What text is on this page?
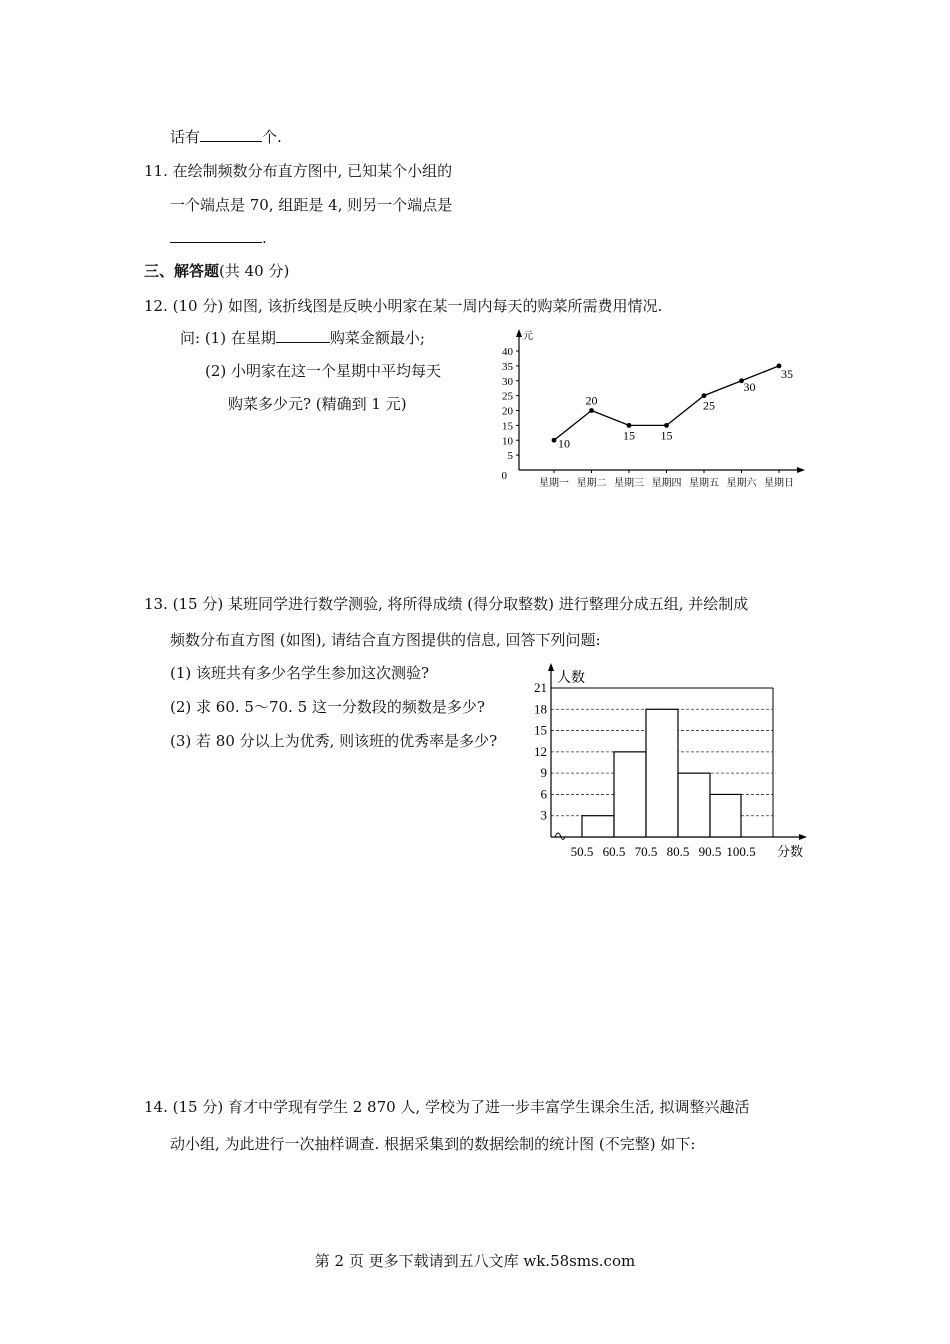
话有	个.
11. 在绘制频数分布直方图中, 已知某个小组的
一个端点是 70, 组距是 4, 则另一个端点是
.
三、解答题(共 40 分)
12. (10 分) 如图, 该折线图是反映小明家在某一周内每天的购菜所需费用情况.
问: (1) 在星期	购菜金额最小;
(2) 小明家在这一个星期中平均每天
购菜多少元? (精确到 1 元)
元
0
5
10
15
20
25
30
35
40
星期一 星期二 星期三 星期四 星期五 星期六 星期日
10
20
15 15
25
30
35
13. (15 分) 某班同学进行数学测验, 将所得成绩 (得分取整数) 进行整理分成五组, 并绘制成
频数分布直方图 (如图), 请结合直方图提供的信息, 回答下列问题:
(1) 该班共有多少名学生参加这次测验?
(2) 求 60. 5～70. 5 这一分数段的频数是多少?
(3) 若 80 分以上为优秀, 则该班的优秀率是多少?
3
6
9
12
15
18
21
人数
分数
50.5 60.5 70.5 80.5 90.5 100.5
14. (15 分) 育才中学现有学生 2 870 人, 学校为了进一步丰富学生课余生活, 拟调整兴趣活
动小组, 为此进行一次抽样调查. 根据采集到的数据绘制的统计图 (不完整) 如下:
第 2 页 更多下载请到五八文库 wk.58sms.com
